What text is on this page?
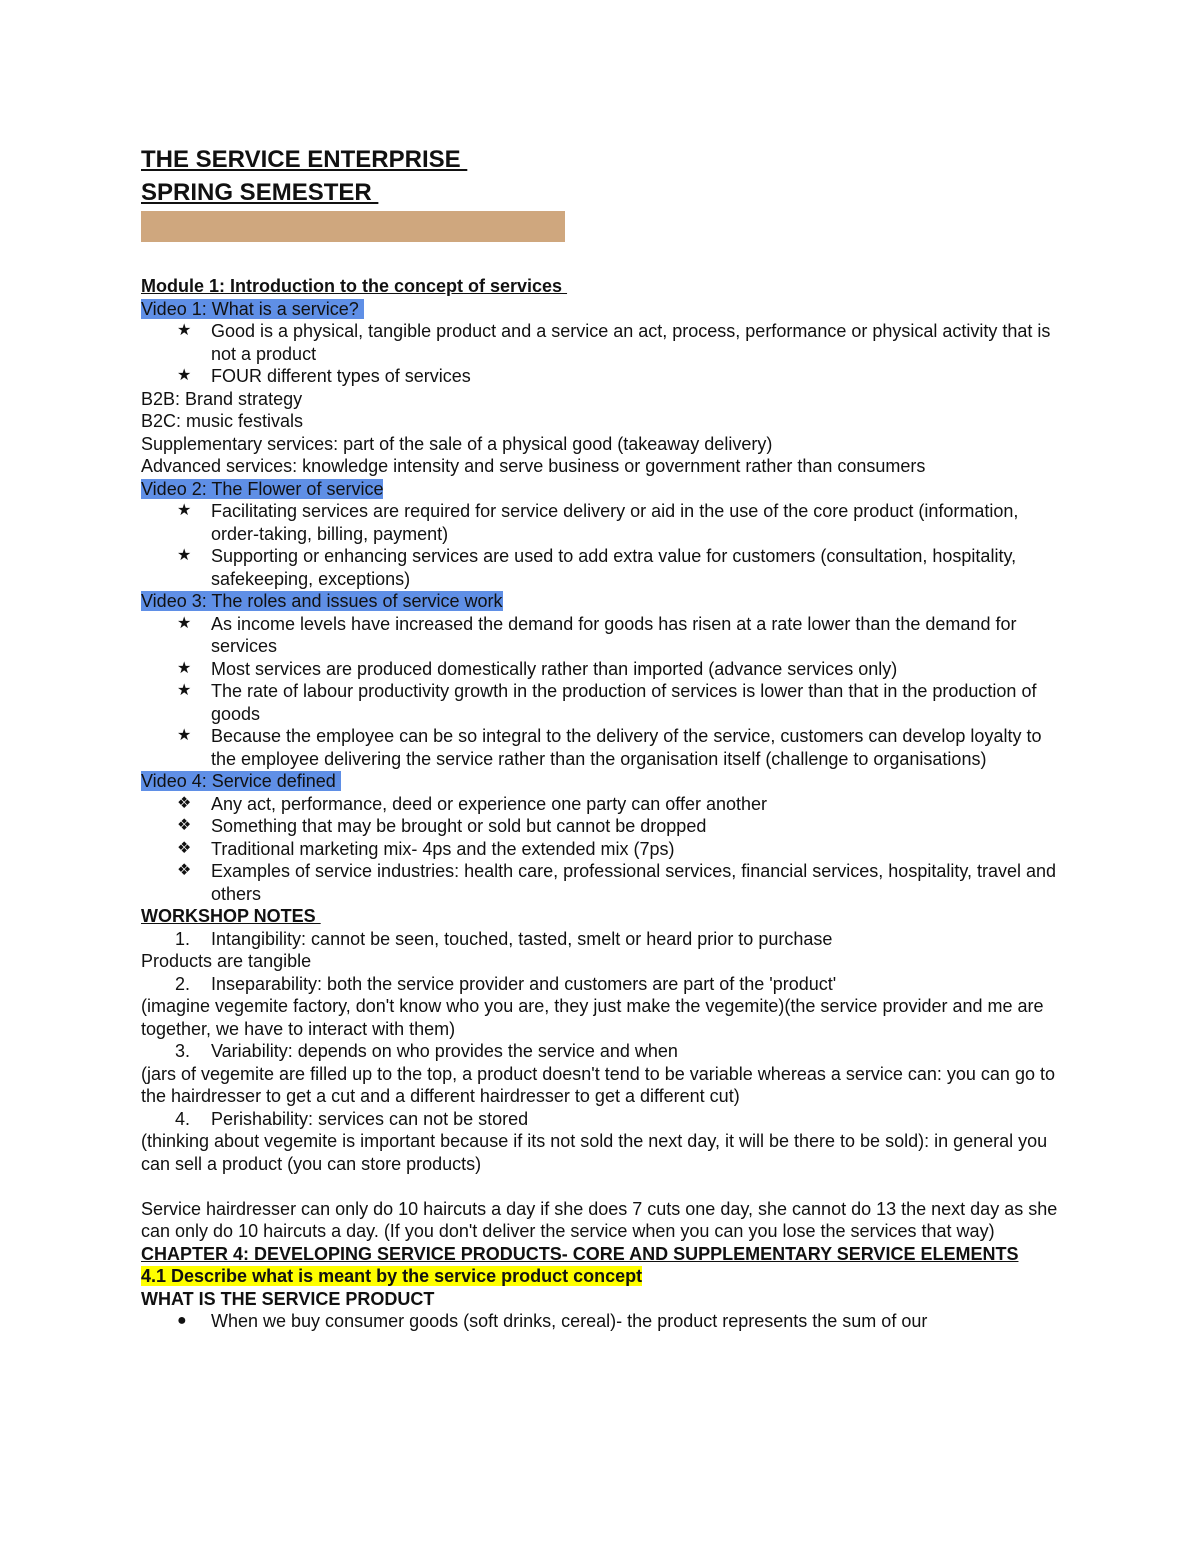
THE SERVICE ENTERPRISE
SPRING SEMESTER
Module 1: Introduction to the concept of services
Video 1: What is a service?
★ Good is a physical, tangible product and a service an act, process, performance or physical activity that is not a product
★ FOUR different types of services
B2B: Brand strategy
B2C: music festivals
Supplementary services: part of the sale of a physical good (takeaway delivery)
Advanced services: knowledge intensity and serve business or government rather than consumers
Video 2: The Flower of service
★ Facilitating services are required for service delivery or aid in the use of the core product (information, order-taking, billing, payment)
★ Supporting or enhancing services are used to add extra value for customers (consultation, hospitality, safekeeping, exceptions)
Video 3: The roles and issues of service work
★ As income levels have increased the demand for goods has risen at a rate lower than the demand for services
★ Most services are produced domestically rather than imported (advance services only)
★ The rate of labour productivity growth in the production of services is lower than that in the production of goods
★ Because the employee can be so integral to the delivery of the service, customers can develop loyalty to the employee delivering the service rather than the organisation itself (challenge to organisations)
Video 4: Service defined
❖ Any act, performance, deed or experience one party can offer another
❖ Something that may be brought or sold but cannot be dropped
❖ Traditional marketing mix- 4ps and the extended mix (7ps)
❖ Examples of service industries: health care, professional services, financial services, hospitality, travel and others
WORKSHOP NOTES
1. Intangibility: cannot be seen, touched, tasted, smelt or heard prior to purchase
Products are tangible
2. Inseparability: both the service provider and customers are part of the 'product'
(imagine vegemite factory, don't know who you are, they just make the vegemite)(the service provider and me are together, we have to interact with them)
3. Variability: depends on who provides the service and when
(jars of vegemite are filled up to the top, a product doesn't tend to be variable whereas a service can: you can go to the hairdresser to get a cut and a different hairdresser to get a different cut)
4. Perishability: services can not be stored
(thinking about vegemite is important because if its not sold the next day, it will be there to be sold): in general you can sell a product (you can store products)
Service hairdresser can only do 10 haircuts a day if she does 7 cuts one day, she cannot do 13 the next day as she can only do 10 haircuts a day. (If you don't deliver the service when you can you lose the services that way)
CHAPTER 4: DEVELOPING SERVICE PRODUCTS- CORE AND SUPPLEMENTARY SERVICE ELEMENTS
4.1 Describe what is meant by the service product concept
WHAT IS THE SERVICE PRODUCT
● When we buy consumer goods (soft drinks, cereal)- the product represents the sum of our
